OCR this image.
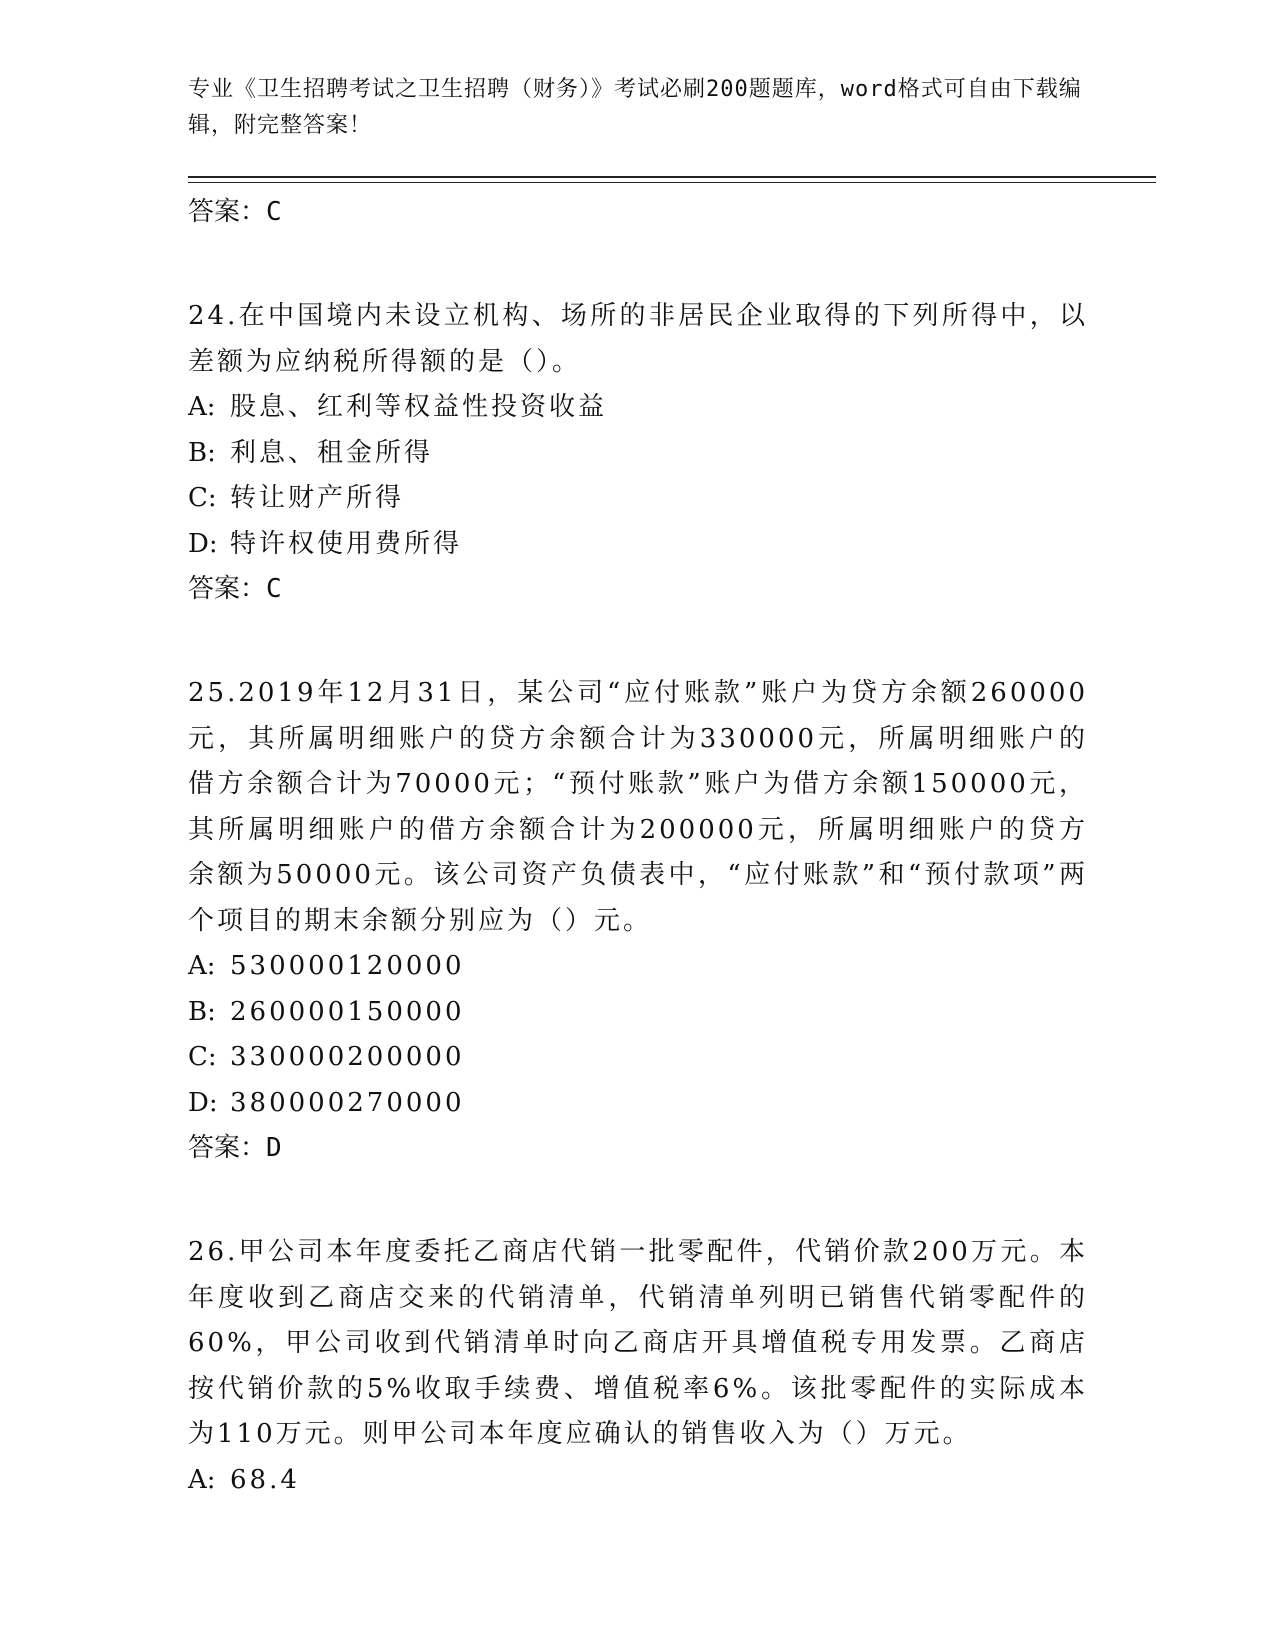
专业《卫生招聘考试之卫生招聘（财务）》考试必刷200题题库，word格式可自由下载编辑，附完整答案！

答案：C

24.在中国境内未设立机构、场所的非居民企业取得的下列所得中，以差额为应纳税所得额的是（）。

A: 股息、红利等权益性投资收益

B: 利息、租金所得

C: 转让财产所得

D: 特许权使用费所得

答案：C

25.2019年12月31日，某公司“应付账款”账户为贷方余额260000元，其所属明细账户的贷方余额合计为330000元，所属明细账户的借方余额合计为70000元；“预付账款”账户为借方余额150000元，其所属明细账户的借方余额合计为200000元，所属明细账户的贷方余额为50000元。该公司资产负债表中，“应付账款”和“预付款项”两个项目的期末余额分别应为（）元。

A: 530000120000

B: 260000150000

C: 330000200000

D: 380000270000

答案：D

26.甲公司本年度委托乙商店代销一批零配件，代销价款200万元。本年度收到乙商店交来的代销清单，代销清单列明已销售代销零配件的60%，甲公司收到代销清单时向乙商店开具增值税专用发票。乙商店按代销价款的5%收取手续费、增值税率6%。该批零配件的实际成本为110万元。则甲公司本年度应确认的销售收入为（）万元。

A: 68.4
